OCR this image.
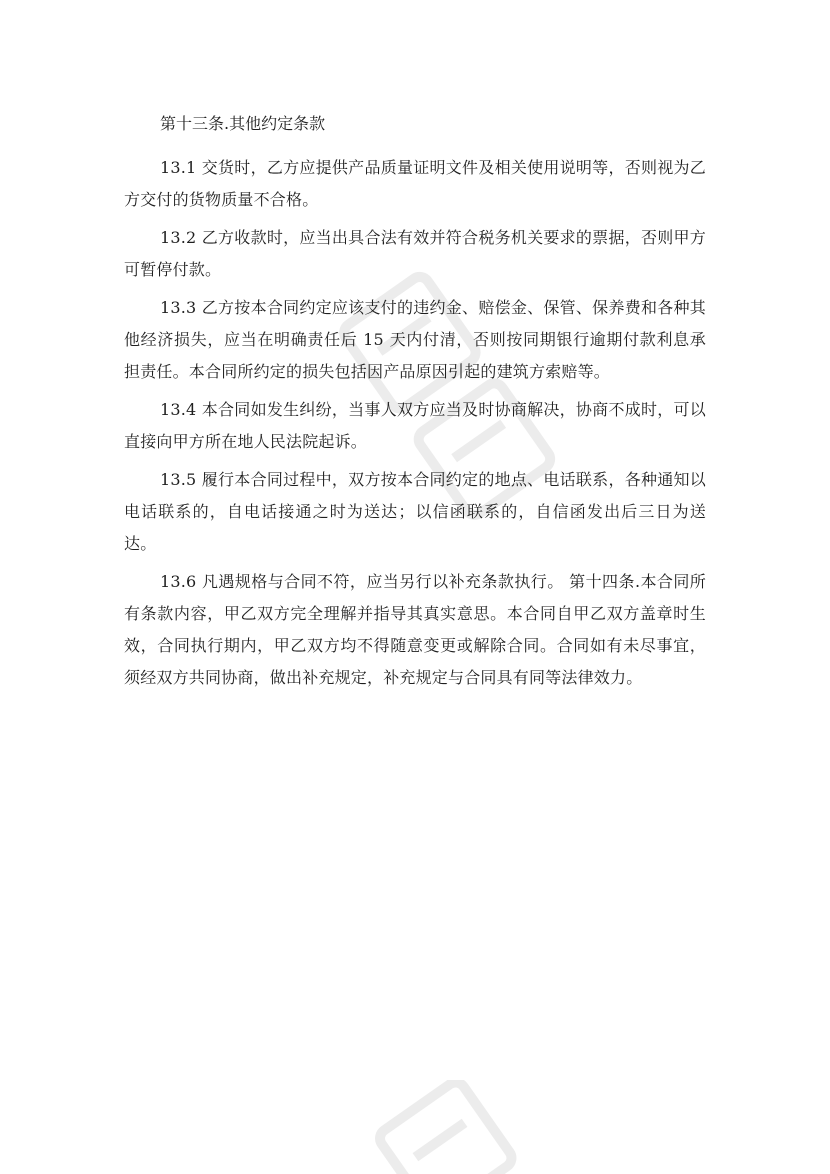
第十三条.其他约定条款

13.1 交货时，乙方应提供产品质量证明文件及相关使用说明等，否则视为乙方交付的货物质量不合格。

13.2 乙方收款时，应当出具合法有效并符合税务机关要求的票据，否则甲方可暂停付款。

13.3 乙方按本合同约定应该支付的违约金、赔偿金、保管、保养费和各种其他经济损失，应当在明确责任后 15 天内付清，否则按同期银行逾期付款利息承担责任。本合同所约定的损失包括因产品原因引起的建筑方索赔等。

13.4 本合同如发生纠纷，当事人双方应当及时协商解决，协商不成时，可以直接向甲方所在地人民法院起诉。

13.5 履行本合同过程中，双方按本合同约定的地点、电话联系，各种通知以电话联系的，自电话接通之时为送达；以信函联系的，自信函发出后三日为送达。

13.6 凡遇规格与合同不符，应当另行以补充条款执行。 第十四条.本合同所有条款内容，甲乙双方完全理解并指导其真实意思。本合同自甲乙双方盖章时生效，合同执行期内，甲乙双方均不得随意变更或解除合同。合同如有未尽事宜，须经双方共同协商，做出补充规定，补充规定与合同具有同等法律效力。
